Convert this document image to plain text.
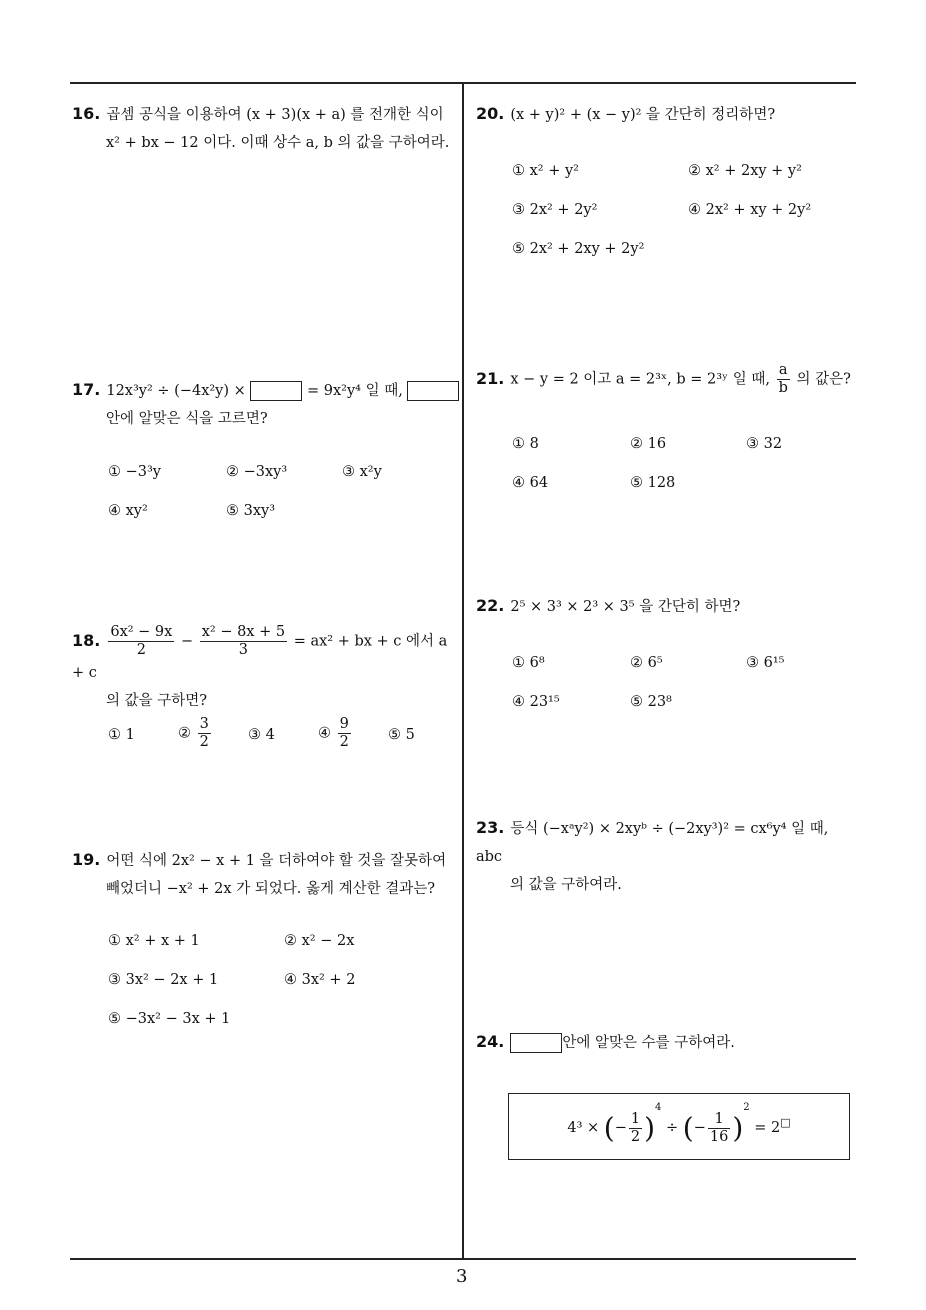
16. 곱셈 공식을 이용하여 (x + 3)(x + a) 를 전개한 식이
x² + bx − 12 이다. 이때 상수 a, b 의 값을 구하여라.
17. 12x³y² ÷ (−4x²y) ×	= 9x²y⁴ 일 때,
안에 알맞은 식을 고르면?
① −3³y	② −3xy³	③ x²y
④ xy²	⑤ 3xy³
18. $\frac{\text{6x² − 9x}}{2} - \frac{\text{x² − 8x + 5}}{3} = ax^2$ + bx + c 에서 a + c
의 값을 구하면?
① 1	② $\frac{3}{2}$	③ 4	④ $\frac{9}{2}$	⑤ 5
19. 어떤 식에 2x² − x + 1 을 더하여야 할 것을 잘못하여
빼었더니 −x² + 2x 가 되었다. 옳게 계산한 결과는?
① x² + x + 1	② x² − 2x
③ 3x² − 2x + 1	④ 3x² + 2
⑤ −3x² − 3x + 1
20. (x + y)² + (x − y)² 을 간단히 정리하면?
① x² + y²	② x² + 2xy + y²
③ 2x² + 2y²	④ 2x² + xy + 2y²
⑤ 2x² + 2xy + 2y²
21. x − y = 2 이고 a = 2³ˣ, b = 2³ʸ 일 때, $\frac{a}{b}$ 의 값은?
① 8	② 16	③ 32
④ 64	⑤ 128
22. 2⁵ × 3³ × 2³ × 3⁵ 을 간단히 하면?
① 6⁸	② 6⁵	③ 6¹⁵
④ 23¹⁵	⑤ 23⁸
23. 등식 (−xᵃy²) × 2xyᵇ ÷ (−2xy³)² = cx⁶y⁴ 일 때, abc
의 값을 구하여라.
24.	안에 알맞은 수를 구하여라.
4³ × (− $\frac{1}{2} )^4$ ÷ (− $\frac{1}{16} )^2 = 2^□$
3
